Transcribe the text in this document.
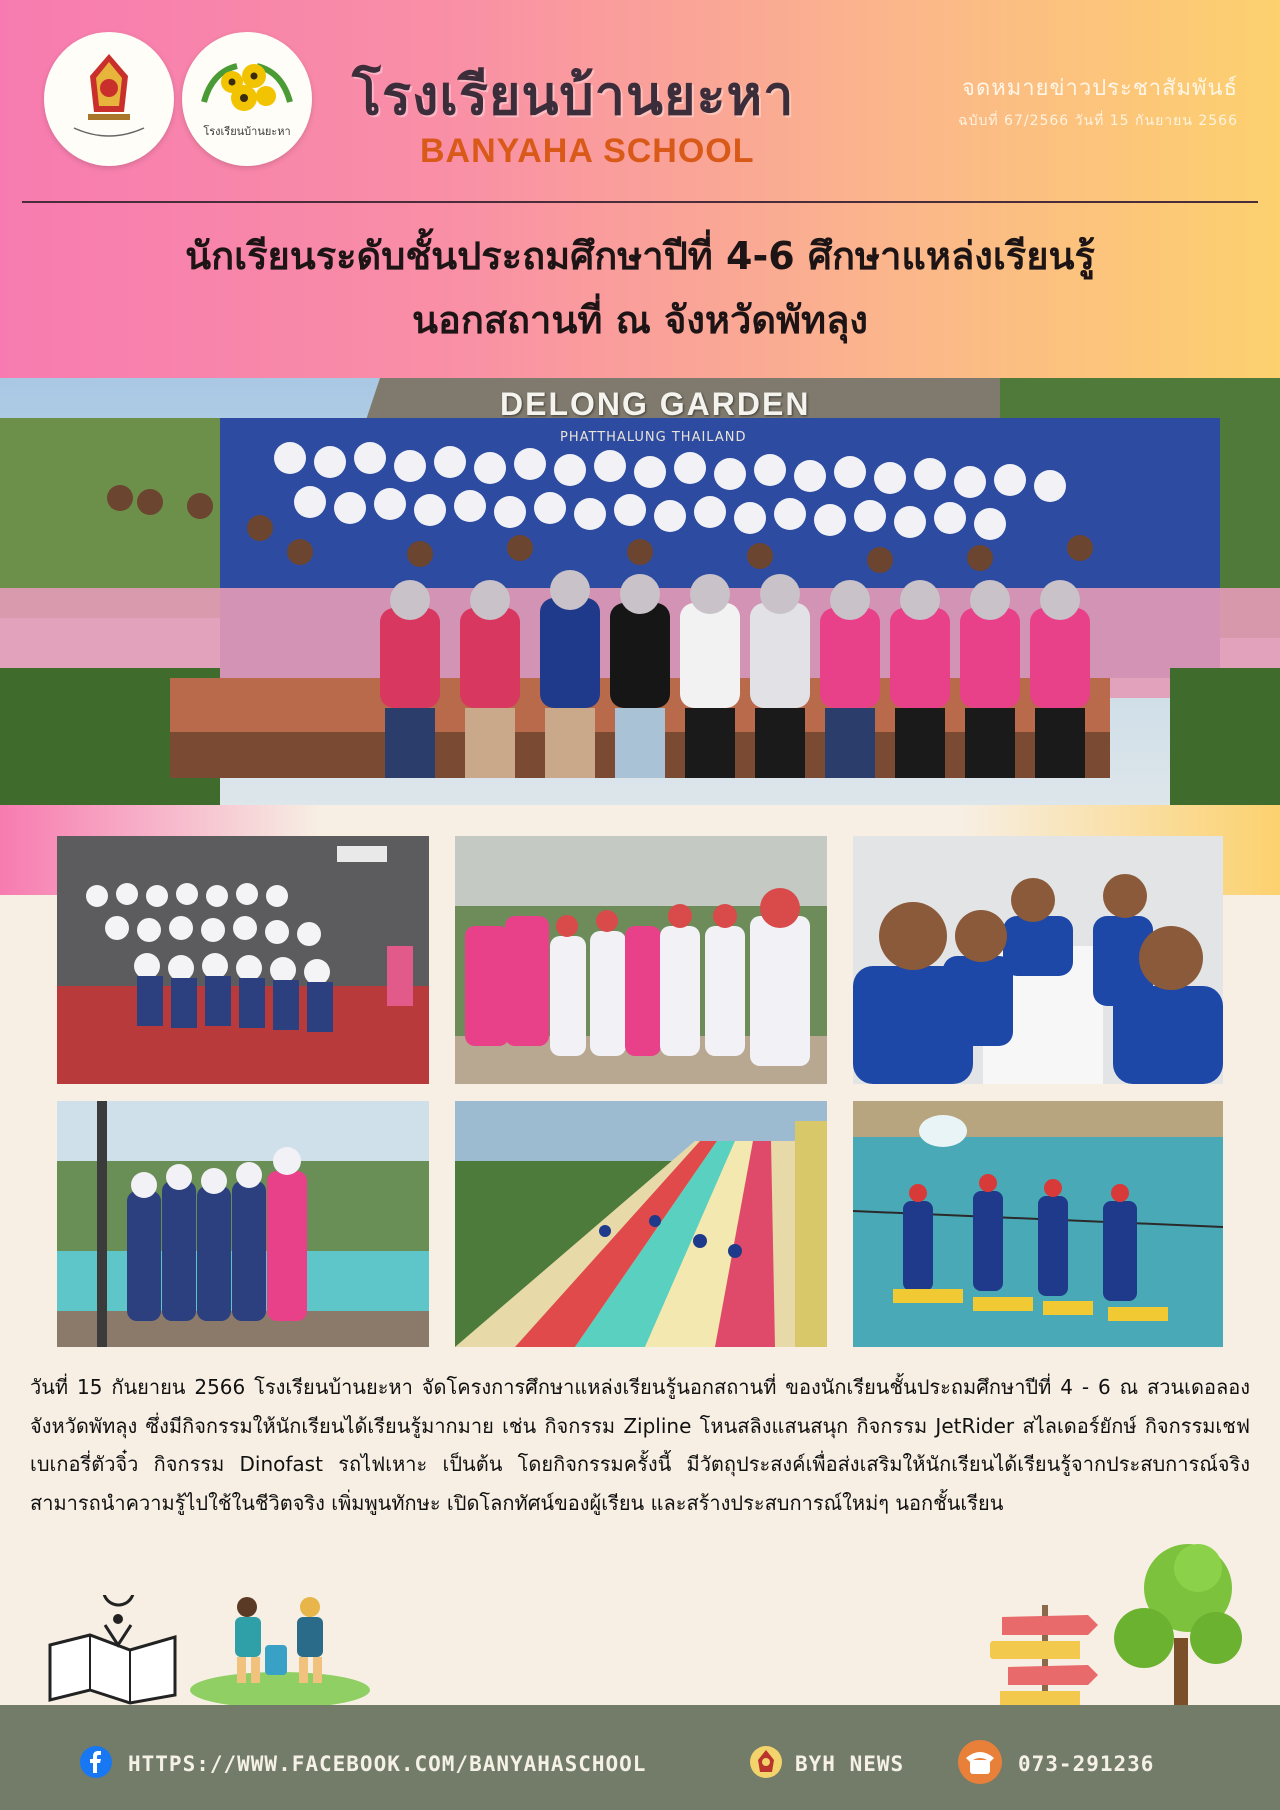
โรงเรียนบ้านยะหา
โรงเรียนบ้านยะหา
BANYAHA SCHOOL
จดหมายข่าวประชาสัมพันธ์
ฉบับที่ 67/2566 วันที่ 15 กันยายน 2566
นักเรียนระดับชั้นประถมศึกษาปีที่ 4-6 ศึกษาแหล่งเรียนรู้
นอกสถานที่ ณ จังหวัดพัทลุง
DELONG GARDEN
PHATTHALUNG THAILAND
วันที่ 15 กันยายน 2566 โรงเรียนบ้านยะหา จัดโครงการศึกษาแหล่งเรียนรู้นอกสถานที่ ของนักเรียนชั้นประถมศึกษาปีที่ 4 - 6 ณ สวนเดอลอง จังหวัดพัทลุง ซึ่งมีกิจกรรมให้นักเรียนได้เรียนรู้มากมาย เช่น กิจกรรม Zipline โหนสลิงแสนสนุก กิจกรรม JetRider สไลเดอร์ยักษ์ กิจกรรมเชฟเบเกอรี่ตัวจิ๋ว กิจกรรม Dinofast รถไฟเหาะ เป็นต้น โดยกิจกรรมครั้งนี้ มีวัตถุประสงค์เพื่อส่งเสริมให้นักเรียนได้เรียนรู้จากประสบการณ์จริง สามารถนำความรู้ไปใช้ในชีวิตจริง เพิ่มพูนทักษะ เปิดโลกทัศน์ของผู้เรียน และสร้างประสบการณ์ใหม่ๆ นอกชั้นเรียน
HTTPS://WWW.FACEBOOK.COM/BANYAHASCHOOL	BYH NEWS	073-291236
